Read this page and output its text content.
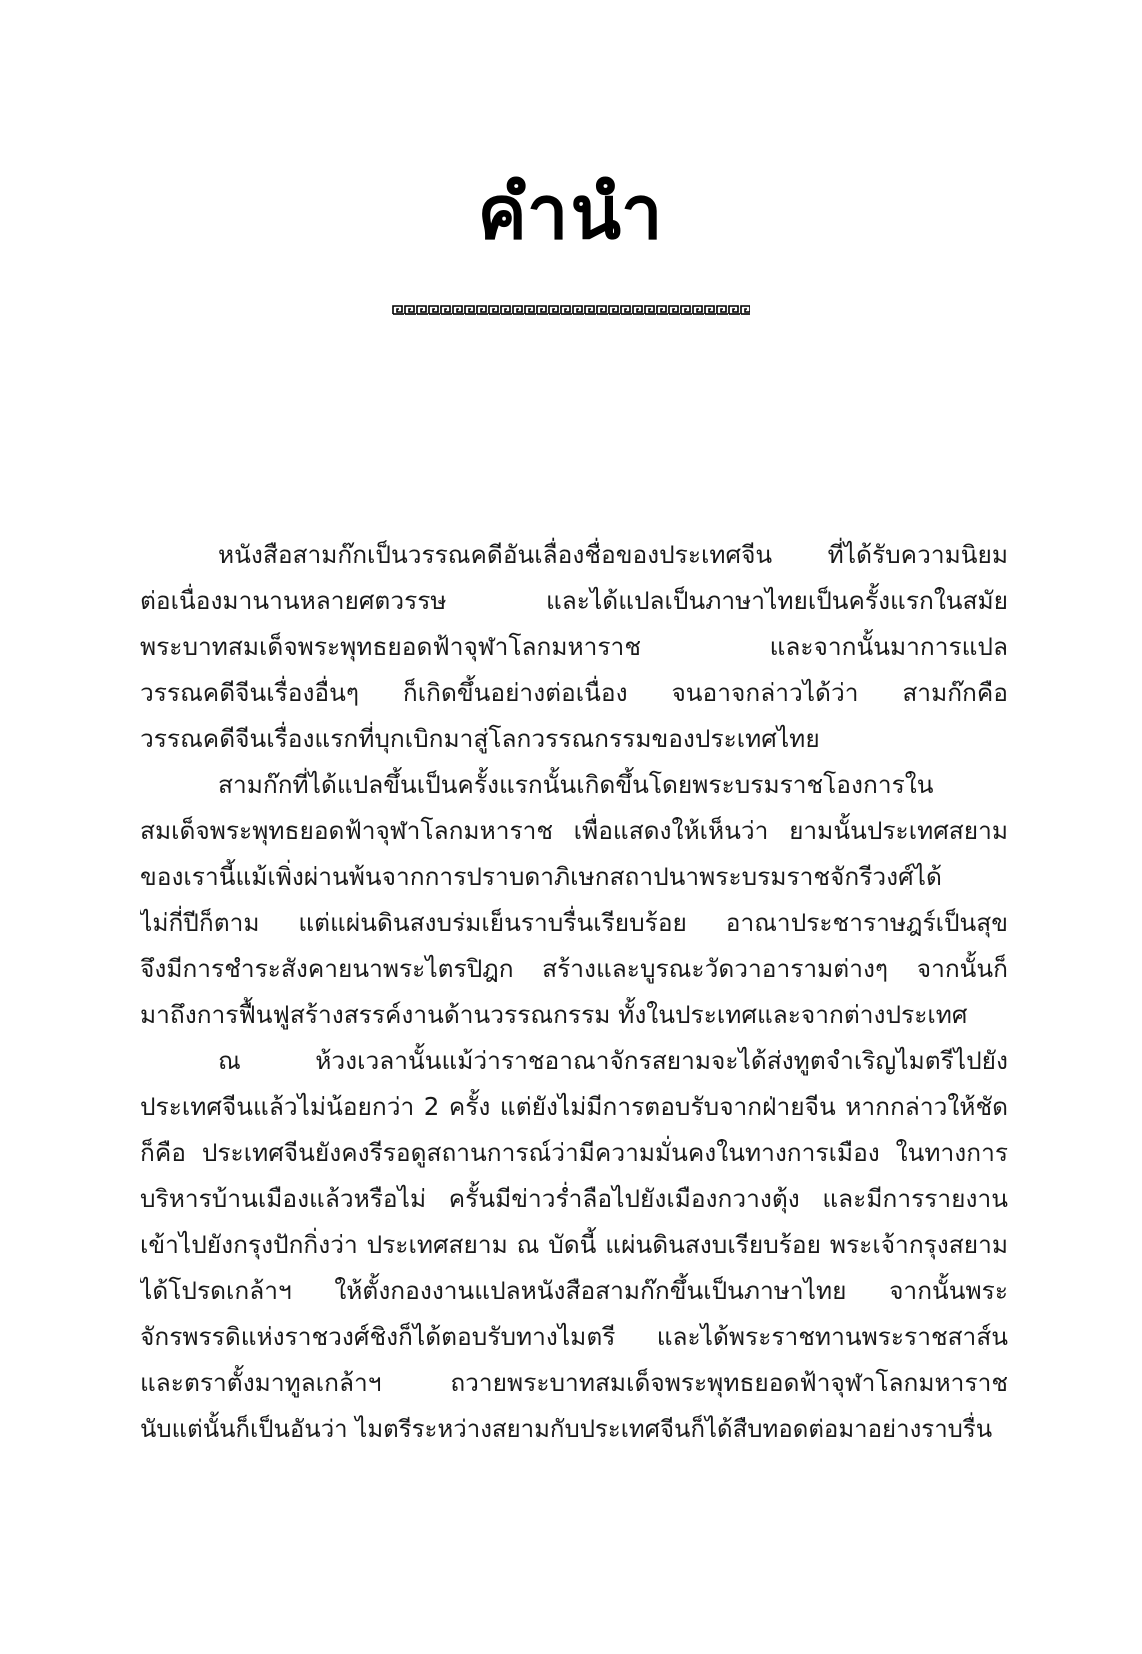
คำนำ
หนังสือสามก๊กเป็นวรรณคดีอันเลื่องชื่อของประเทศจีน ที่ได้รับความนิยม
ต่อเนื่องมานานหลายศตวรรษ และได้แปลเป็นภาษาไทยเป็นครั้งแรกในสมัย
พระบาทสมเด็จพระพุทธยอดฟ้าจุฬาโลกมหาราช และจากนั้นมาการแปล
วรรณคดีจีนเรื่องอื่นๆ ก็เกิดขึ้นอย่างต่อเนื่อง จนอาจกล่าวได้ว่า สามก๊กคือ
วรรณคดีจีนเรื่องแรกที่บุกเบิกมาสู่โลกวรรณกรรมของประเทศไทย
สามก๊กที่ได้แปลขึ้นเป็นครั้งแรกนั้นเกิดขึ้นโดยพระบรมราชโองการใน
สมเด็จพระพุทธยอดฟ้าจุฬาโลกมหาราช เพื่อแสดงให้เห็นว่า ยามนั้นประเทศสยาม
ของเรานี้แม้เพิ่งผ่านพ้นจากการปราบดาภิเษกสถาปนาพระบรมราชจักรีวงศ์ได้
ไม่กี่ปีก็ตาม แต่แผ่นดินสงบร่มเย็นราบรื่นเรียบร้อย อาณาประชาราษฎร์เป็นสุข
จึงมีการชำระสังคายนาพระไตรปิฎก สร้างและบูรณะวัดวาอารามต่างๆ จากนั้นก็
มาถึงการฟื้นฟูสร้างสรรค์งานด้านวรรณกรรม ทั้งในประเทศและจากต่างประเทศ
ณ ห้วงเวลานั้นแม้ว่าราชอาณาจักรสยามจะได้ส่งทูตจำเริญไมตรีไปยัง
ประเทศจีนแล้วไม่น้อยกว่า 2 ครั้ง แต่ยังไม่มีการตอบรับจากฝ่ายจีน หากกล่าวให้ชัด
ก็คือ ประเทศจีนยังคงรีรอดูสถานการณ์ว่ามีความมั่นคงในทางการเมือง ในทางการ
บริหารบ้านเมืองแล้วหรือไม่ ครั้นมีข่าวร่ำลือไปยังเมืองกวางตุ้ง และมีการรายงาน
เข้าไปยังกรุงปักกิ่งว่า ประเทศสยาม ณ บัดนี้ แผ่นดินสงบเรียบร้อย พระเจ้ากรุงสยาม
ได้โปรดเกล้าฯ ให้ตั้งกองงานแปลหนังสือสามก๊กขึ้นเป็นภาษาไทย จากนั้นพระ
จักรพรรดิแห่งราชวงศ์ชิงก็ได้ตอบรับทางไมตรี และได้พระราชทานพระราชสาส์น
และตราตั้งมาทูลเกล้าฯ ถวายพระบาทสมเด็จพระพุทธยอดฟ้าจุฬาโลกมหาราช
นับแต่นั้นก็เป็นอันว่า ไมตรีระหว่างสยามกับประเทศจีนก็ได้สืบทอดต่อมาอย่างราบรื่น
